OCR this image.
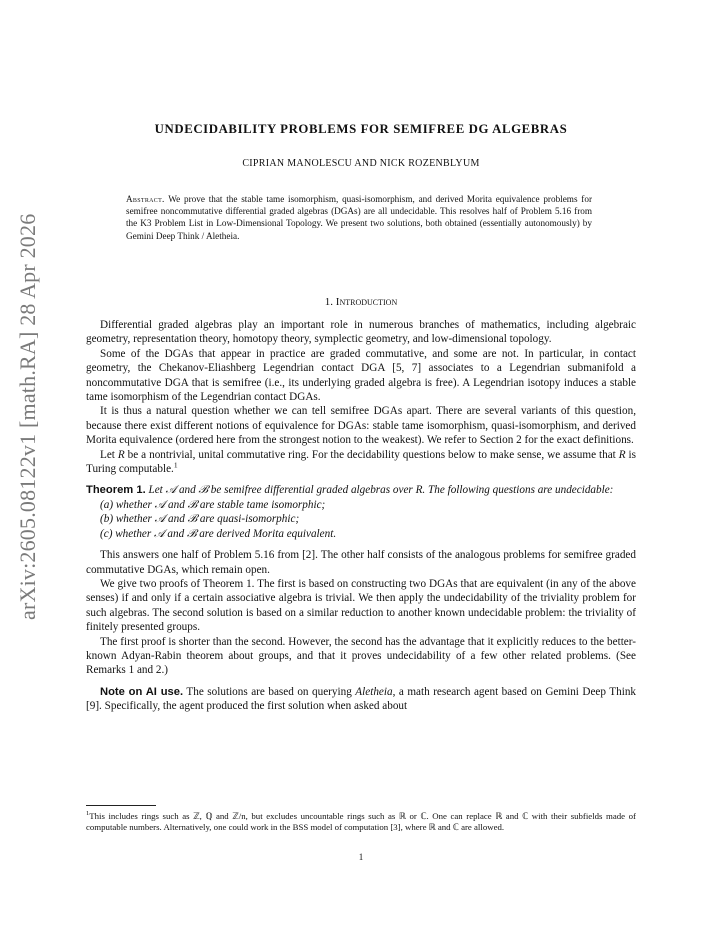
arXiv:2605.08122v1 [math.RA] 28 Apr 2026
UNDECIDABILITY PROBLEMS FOR SEMIFREE DG ALGEBRAS
CIPRIAN MANOLESCU AND NICK ROZENBLYUM
Abstract. We prove that the stable tame isomorphism, quasi-isomorphism, and derived Morita equivalence problems for semifree noncommutative differential graded algebras (DGAs) are all undecidable. This resolves half of Problem 5.16 from the K3 Problem List in Low-Dimensional Topology. We present two solutions, both obtained (essentially autonomously) by Gemini Deep Think / Aletheia.
1. Introduction

Differential graded algebras play an important role in numerous branches of mathematics, including algebraic geometry, representation theory, homotopy theory, symplectic geometry, and low-dimensional topology.

Some of the DGAs that appear in practice are graded commutative, and some are not. In particular, in contact geometry, the Chekanov-Eliashberg Legendrian contact DGA [5, 7] associates to a Legendrian submanifold a noncommutative DGA that is semifree (i.e., its underlying graded algebra is free). A Legendrian isotopy induces a stable tame isomorphism of the Legendrian contact DGAs.

It is thus a natural question whether we can tell semifree DGAs apart. There are several variants of this question, because there exist different notions of equivalence for DGAs: stable tame isomorphism, quasi-isomorphism, and derived Morita equivalence (ordered here from the strongest notion to the weakest). We refer to Section 2 for the exact definitions.

Let R be a nontrivial, unital commutative ring. For the decidability questions below to make sense, we assume that R is Turing computable.$^1$

Theorem 1. Let 𝒜 and ℬ be semifree differential graded algebras over R. The following questions are undecidable:
(a) whether 𝒜 and ℬ are stable tame isomorphic;
(b) whether 𝒜 and ℬ are quasi-isomorphic;
(c) whether 𝒜 and ℬ are derived Morita equivalent.

This answers one half of Problem 5.16 from [2]. The other half consists of the analogous problems for semifree graded commutative DGAs, which remain open.

We give two proofs of Theorem 1. The first is based on constructing two DGAs that are equivalent (in any of the above senses) if and only if a certain associative algebra is trivial. We then apply the undecidability of the triviality problem for such algebras. The second solution is based on a similar reduction to another known undecidable problem: the triviality of finitely presented groups.

The first proof is shorter than the second. However, the second has the advantage that it explicitly reduces to the better-known Adyan-Rabin theorem about groups, and that it proves undecidability of a few other related problems. (See Remarks 1 and 2.)

Note on AI use. The solutions are based on querying Aletheia, a math research agent based on Gemini Deep Think [9]. Specifically, the agent produced the first solution when asked about

$^1$This includes rings such as ℤ, ℚ and ℤ/n, but excludes uncountable rings such as ℝ or ℂ. One can replace ℝ and ℂ with their subfields made of computable numbers. Alternatively, one could work in the BSS model of computation [3], where ℝ and ℂ are allowed.
1
